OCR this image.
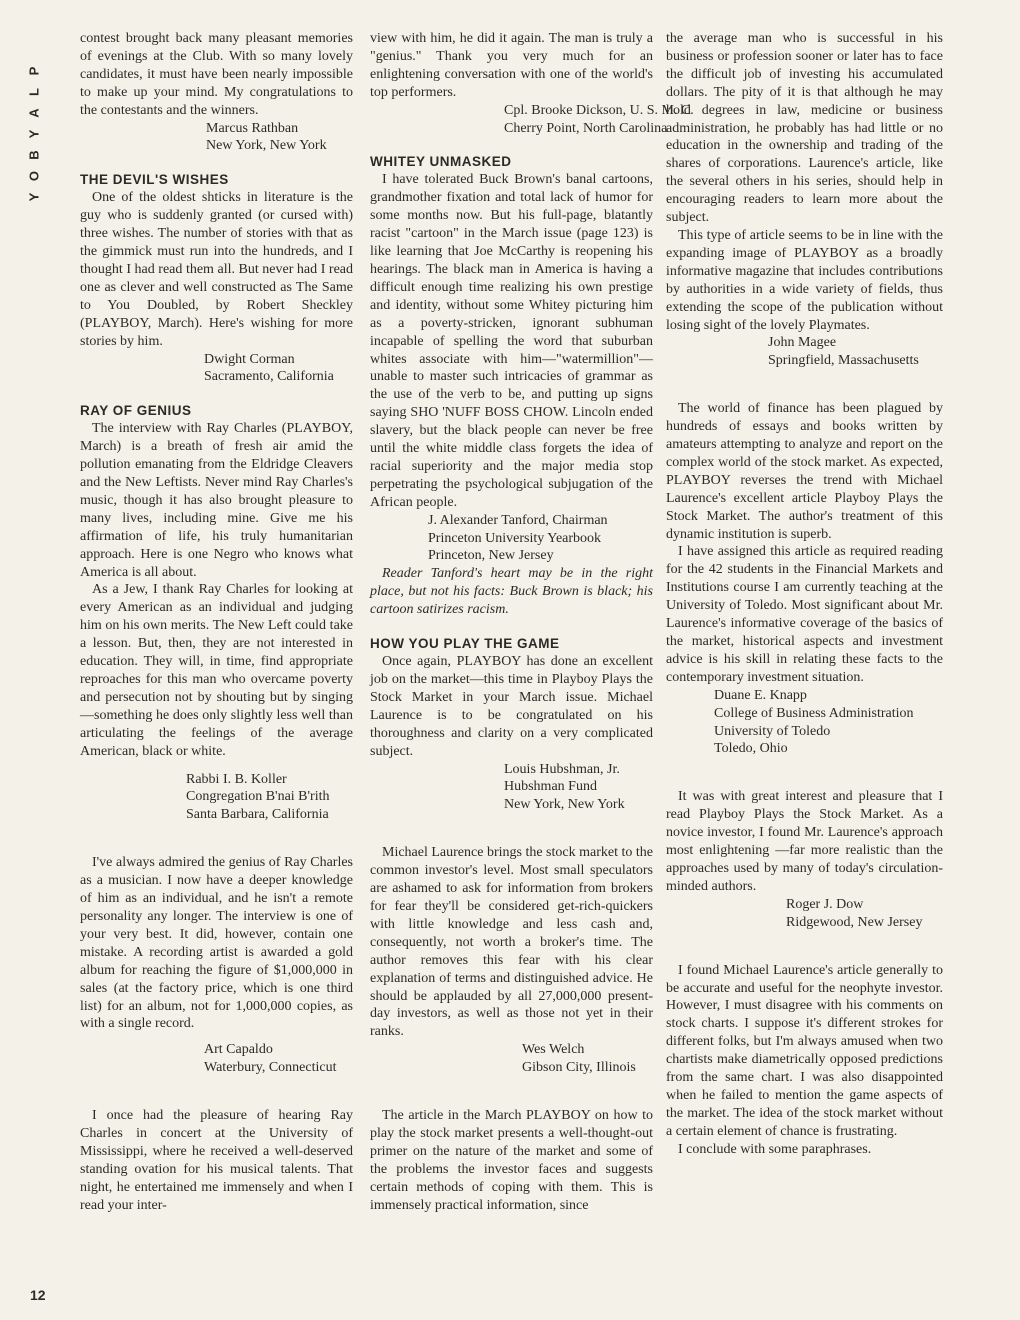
P
L
A
Y
B
O
Y
12

contest brought back many pleasant memories of evenings at the Club. With so many lovely candidates, it must have been nearly impossible to make up your mind. My congratulations to the contestants and the winners.

Marcus Rathban
New York, New York
THE DEVIL'S WISHES

One of the oldest shticks in literature is the guy who is suddenly granted (or cursed with) three wishes. The number of stories with that as the gimmick must run into the hundreds, and I thought I had read them all. But never had I read one as clever and well constructed as The Same to You Doubled, by Robert Sheckley (PLAYBOY, March). Here's wishing for more stories by him.

Dwight Corman
Sacramento, California
RAY OF GENIUS

The interview with Ray Charles (PLAYBOY, March) is a breath of fresh air amid the pollution emanating from the Eldridge Cleavers and the New Leftists. Never mind Ray Charles's music, though it has also brought pleasure to many lives, including mine. Give me his affirmation of life, his truly humanitarian approach. Here is one Negro who knows what America is all about.

As a Jew, I thank Ray Charles for looking at every American as an individual and judging him on his own merits. The New Left could take a lesson. But, then, they are not interested in education. They will, in time, find appropriate reproaches for this man who overcame poverty and persecution not by shouting but by singing—something he does only slightly less well than articulating the feelings of the average American, black or white.

Rabbi I. B. Koller
Congregation B'nai B'rith
Santa Barbara, California

I've always admired the genius of Ray Charles as a musician. I now have a deeper knowledge of him as an individual, and he isn't a remote personality any longer. The interview is one of your very best. It did, however, contain one mistake. A recording artist is awarded a gold album for reaching the figure of $1,000,000 in sales (at the factory price, which is one third list) for an album, not for 1,000,000 copies, as with a single record.

Art Capaldo
Waterbury, Connecticut

I once had the pleasure of hearing Ray Charles in concert at the University of Mississippi, where he received a well-deserved standing ovation for his musical talents. That night, he entertained me immensely and when I read your inter-

view with him, he did it again. The man is truly a "genius." Thank you very much for an enlightening conversation with one of the world's top performers.

Cpl. Brooke Dickson, U. S. M. C.
Cherry Point, North Carolina
WHITEY UNMASKED

I have tolerated Buck Brown's banal cartoons, grandmother fixation and total lack of humor for some months now. But his full-page, blatantly racist "cartoon" in the March issue (page 123) is like learning that Joe McCarthy is reopening his hearings. The black man in America is having a difficult enough time realizing his own prestige and identity, without some Whitey picturing him as a poverty-stricken, ignorant subhuman incapable of spelling the word that suburban whites associate with him—"watermillion"—unable to master such intricacies of grammar as the use of the verb to be, and putting up signs saying SHO 'NUFF BOSS CHOW. Lincoln ended slavery, but the black people can never be free until the white middle class forgets the idea of racial superiority and the major media stop perpetrating the psychological subjugation of the African people.

J. Alexander Tanford, Chairman
Princeton University Yearbook
Princeton, New Jersey

Reader Tanford's heart may be in the right place, but not his facts: Buck Brown is black; his cartoon satirizes racism.

HOW YOU PLAY THE GAME

Once again, PLAYBOY has done an excellent job on the market—this time in Playboy Plays the Stock Market in your March issue. Michael Laurence is to be congratulated on his thoroughness and clarity on a very complicated subject.

Louis Hubshman, Jr.
Hubshman Fund
New York, New York

Michael Laurence brings the stock market to the common investor's level. Most small speculators are ashamed to ask for information from brokers for fear they'll be considered get-rich-quickers with little knowledge and less cash and, consequently, not worth a broker's time. The author removes this fear with his clear explanation of terms and distinguished advice. He should be applauded by all 27,000,000 present-day investors, as well as those not yet in their ranks.

Wes Welch
Gibson City, Illinois

The article in the March PLAYBOY on how to play the stock market presents a well-thought-out primer on the nature of the market and some of the problems the investor faces and suggests certain methods of coping with them. This is immensely practical information, since

the average man who is successful in his business or profession sooner or later has to face the difficult job of investing his accumulated dollars. The pity of it is that although he may hold degrees in law, medicine or business administration, he probably has had little or no education in the ownership and trading of the shares of corporations. Laurence's article, like the several others in his series, should help in encouraging readers to learn more about the subject.

This type of article seems to be in line with the expanding image of PLAYBOY as a broadly informative magazine that includes contributions by authorities in a wide variety of fields, thus extending the scope of the publication without losing sight of the lovely Playmates.

John Magee
Springfield, Massachusetts

The world of finance has been plagued by hundreds of essays and books written by amateurs attempting to analyze and report on the complex world of the stock market. As expected, PLAYBOY reverses the trend with Michael Laurence's excellent article Playboy Plays the Stock Market. The author's treatment of this dynamic institution is superb.

I have assigned this article as required reading for the 42 students in the Financial Markets and Institutions course I am currently teaching at the University of Toledo. Most significant about Mr. Laurence's informative coverage of the basics of the market, historical aspects and investment advice is his skill in relating these facts to the contemporary investment situation.

Duane E. Knapp
College of Business Administration
University of Toledo
Toledo, Ohio

It was with great interest and pleasure that I read Playboy Plays the Stock Market. As a novice investor, I found Mr. Laurence's approach most enlightening —far more realistic than the approaches used by many of today's circulation-minded authors.

Roger J. Dow
Ridgewood, New Jersey

I found Michael Laurence's article generally to be accurate and useful for the neophyte investor. However, I must disagree with his comments on stock charts. I suppose it's different strokes for different folks, but I'm always amused when two chartists make diametrically opposed predictions from the same chart. I was also disappointed when he failed to mention the game aspects of the market. The idea of the stock market without a certain element of chance is frustrating.

I conclude with some paraphrases.
